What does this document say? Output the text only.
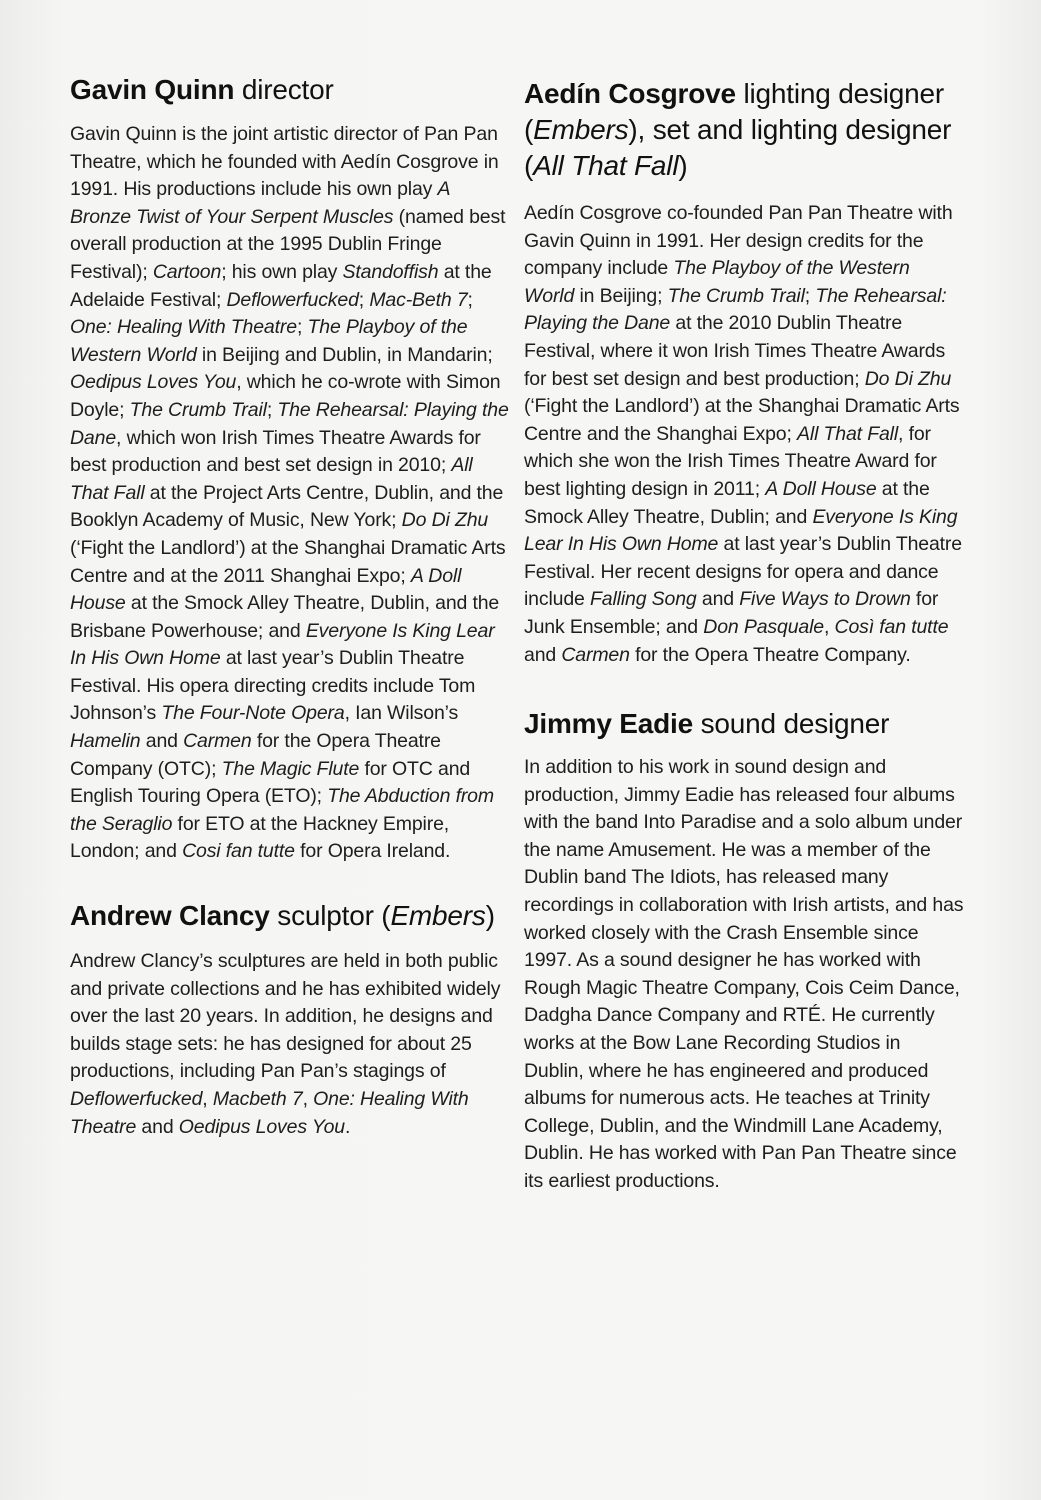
Gavin Quinn director

Gavin Quinn is the joint artistic director of Pan Pan Theatre, which he founded with Aedín Cosgrove in 1991. His productions include his own play A Bronze Twist of Your Serpent Muscles (named best overall production at the 1995 Dublin Fringe Festival); Cartoon; his own play Standoffish at the Adelaide Festival; Deflowerfucked; Mac-Beth 7; One: Healing With Theatre; The Playboy of the Western World in Beijing and Dublin, in Mandarin; Oedipus Loves You, which he co-wrote with Simon Doyle; The Crumb Trail; The Rehearsal: Playing the Dane, which won Irish Times Theatre Awards for best production and best set design in 2010; All That Fall at the Project Arts Centre, Dublin, and the Booklyn Academy of Music, New York; Do Di Zhu (‘Fight the Landlord’) at the Shanghai Dramatic Arts Centre and at the 2011 Shanghai Expo; A Doll House at the Smock Alley Theatre, Dublin, and the Brisbane Powerhouse; and Everyone Is King Lear In His Own Home at last year’s Dublin Theatre Festival. His opera directing credits include Tom Johnson’s The Four-Note Opera, Ian Wilson’s Hamelin and Carmen for the Opera Theatre Company (OTC); The Magic Flute for OTC and English Touring Opera (ETO); The Abduction from the Seraglio for ETO at the Hackney Empire, London; and Cosi fan tutte for Opera Ireland.

Andrew Clancy sculptor (Embers)

Andrew Clancy’s sculptures are held in both public and private collections and he has exhibited widely over the last 20 years. In addition, he designs and builds stage sets: he has designed for about 25 productions, including Pan Pan’s stagings of Deflowerfucked, Macbeth 7, One: Healing With Theatre and Oedipus Loves You.

Aedín Cosgrove lighting designer (Embers), set and lighting designer (All That Fall)

Aedín Cosgrove co-founded Pan Pan Theatre with Gavin Quinn in 1991. Her design credits for the company include The Playboy of the Western World in Beijing; The Crumb Trail; The Rehearsal: Playing the Dane at the 2010 Dublin Theatre Festival, where it won Irish Times Theatre Awards for best set design and best production; Do Di Zhu (‘Fight the Landlord’) at the Shanghai Dramatic Arts Centre and the Shanghai Expo; All That Fall, for which she won the Irish Times Theatre Award for best lighting design in 2011; A Doll House at the Smock Alley Theatre, Dublin; and Everyone Is King Lear In His Own Home at last year’s Dublin Theatre Festival. Her recent designs for opera and dance include Falling Song and Five Ways to Drown for Junk Ensemble; and Don Pasquale, Così fan tutte and Carmen for the Opera Theatre Company.

Jimmy Eadie sound designer

In addition to his work in sound design and production, Jimmy Eadie has released four albums with the band Into Paradise and a solo album under the name Amusement. He was a member of the Dublin band The Idiots, has released many recordings in collaboration with Irish artists, and has worked closely with the Crash Ensemble since 1997. As a sound designer he has worked with Rough Magic Theatre Company, Cois Ceim Dance, Dadgha Dance Company and RTÉ. He currently works at the Bow Lane Recording Studios in Dublin, where he has engineered and produced albums for numerous acts. He teaches at Trinity College, Dublin, and the Windmill Lane Academy, Dublin. He has worked with Pan Pan Theatre since its earliest productions.
